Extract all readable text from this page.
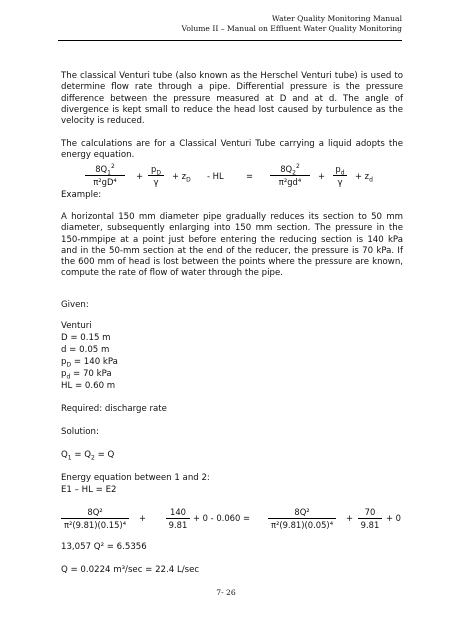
Water Quality Monitoring Manual
Volume II – Manual on Effluent Water Quality Monitoring

The classical Venturi tube (also known as the Herschel Venturi tube) is used to determine flow rate through a pipe. Differential pressure is the pressure difference between the pressure measured at D and at d. The angle of divergence is kept small to reduce the head lost caused by turbulence as the velocity is reduced.

The calculations are for a Classical Venturi Tube carrying a liquid adopts the energy equation.

$\frac{8Q_1^2}{\text{π²gD⁴}} + \frac{p_D}{\gamma} + z_D$ - HL	= $\frac{8Q_2^2}{\text{π²gd⁴}} + \frac{p_d}{\gamma} + z_d$
Example:

A horizontal 150 mm diameter pipe gradually reduces its section to 50 mm diameter, subsequently enlarging into 150 mm section. The pressure in the 150-mmpipe at a point just before entering the reducing section is 140 kPa and in the 50-mm section at the end of the reducer, the pressure is 70 kPa. If the 600 mm of head is lost between the points where the pressure are known, compute the rate of flow of water through the pipe.

Given:
Venturi
D = 0.15 m
d = 0.05 m
$p_D = 140$ kPa
$p_d = 70$ kPa
HL = 0.60 m
Required: discharge rate
Solution:
$Q_1 = Q_2 = Q$
Energy equation between 1 and 2:
E1 – HL = E2
$\frac{\text{8Q²}}{\text{π²(9.81)(0.15)⁴}} + \frac{140}{9.81} + 0 - 0.060 = \frac{\text{8Q²}}{\text{π²(9.81)(0.05)⁴}} + \frac{70}{9.81} + 0$
13,057 Q² = 6.5356
Q = 0.0224 m³/sec = 22.4 L/sec
7- 26
